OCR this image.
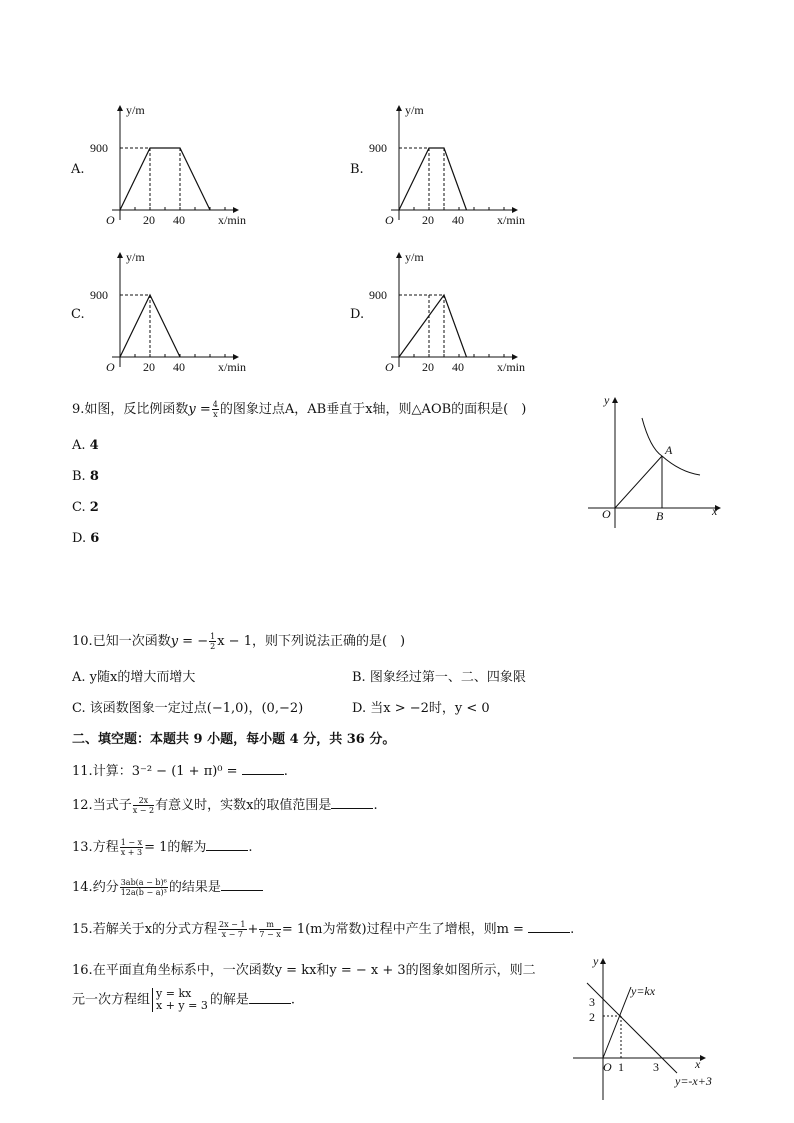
A.
y/m
x/min
O
900
20 40
B.
y/m
x/min
O
900
20 40
C.
y/m
x/min
O
900
20 40
D.
y/m
x/min
O
900
20 40
9.如图，反比例函数$y = \frac{4}{x}$ 的图象过点A，AB垂直于x轴，则△AOB的面积是(　)
A. 4
B. 8
C. 2
D. 6
y
x
O
A
B
10.已知一次函数y = − $\frac{1}{2}$ x − 1，则下列说法正确的是(　)
A. y随x的增大而增大	B. 图象经过第一、二、四象限
C. 该函数图象一定过点(−1,0)，(0,−2)	D. 当x > −2时，y < 0
二、填空题：本题共 9 小题，每小题 4 分，共 36 分。
11.计算：3⁻² − (1 + π)⁰ =	.
12.当式子 $\frac{2x}{x - 2}$ 有意义时，实数x的取值范围是	.
13.方程 $\frac{1 - x}{x + 3} = 1$的解为	.
14.约分 $\frac{\text{3ab(a − b)⁶}}{\text{12a(b − a)³}}$ 的结果是
15.若解关于x的分式方程 $\frac{2x - 1}{x - 7} + \frac{m}{7 - x} = 1(m$为常数)过程中产生了增根，则m =	.
16.在平面直角坐标系中，一次函数y = kx和y = − x + 3的图象如图所示，则二
元一次方程组 y = kx
x + y = 3 的解是	.
y
x
O
3
2
1 3
y=kx
y=-x+3
